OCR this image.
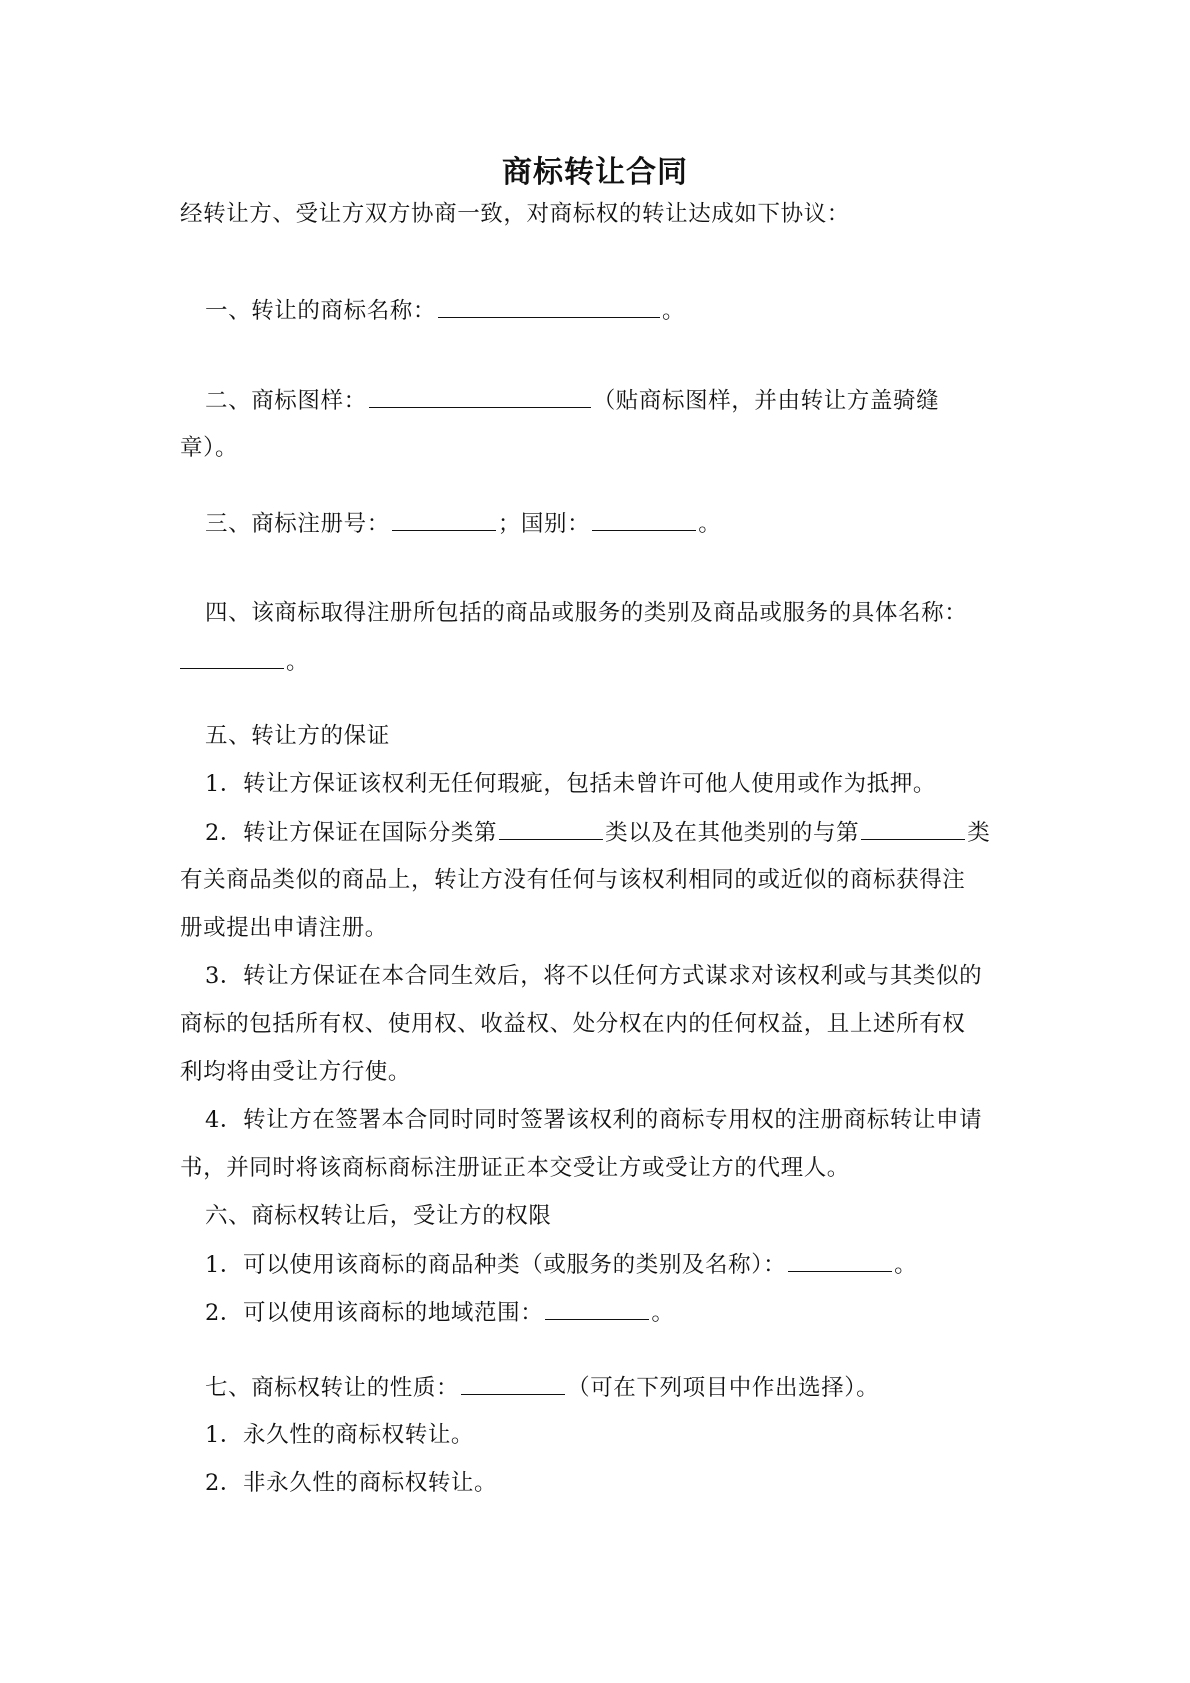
商标转让合同
经转让方、受让方双方协商一致，对商标权的转让达成如下协议：
一、转让的商标名称：	。
二、商标图样：	（贴商标图样，并由转让方盖骑缝
章）。
三、商标注册号：	；国别：	。
四、该商标取得注册所包括的商品或服务的类别及商品或服务的具体名称：
。
五、转让方的保证
1．转让方保证该权利无任何瑕疵，包括未曾许可他人使用或作为抵押。
2．转让方保证在国际分类第	类以及在其他类别的与第	类
有关商品类似的商品上，转让方没有任何与该权利相同的或近似的商标获得注
册或提出申请注册。
3．转让方保证在本合同生效后，将不以任何方式谋求对该权利或与其类似的
商标的包括所有权、使用权、收益权、处分权在内的任何权益，且上述所有权
利均将由受让方行使。
4．转让方在签署本合同时同时签署该权利的商标专用权的注册商标转让申请
书，并同时将该商标商标注册证正本交受让方或受让方的代理人。
六、商标权转让后，受让方的权限
1．可以使用该商标的商品种类（或服务的类别及名称）：	。
2．可以使用该商标的地域范围：	。
七、商标权转让的性质：	（可在下列项目中作出选择）。
1．永久性的商标权转让。
2．非永久性的商标权转让。
